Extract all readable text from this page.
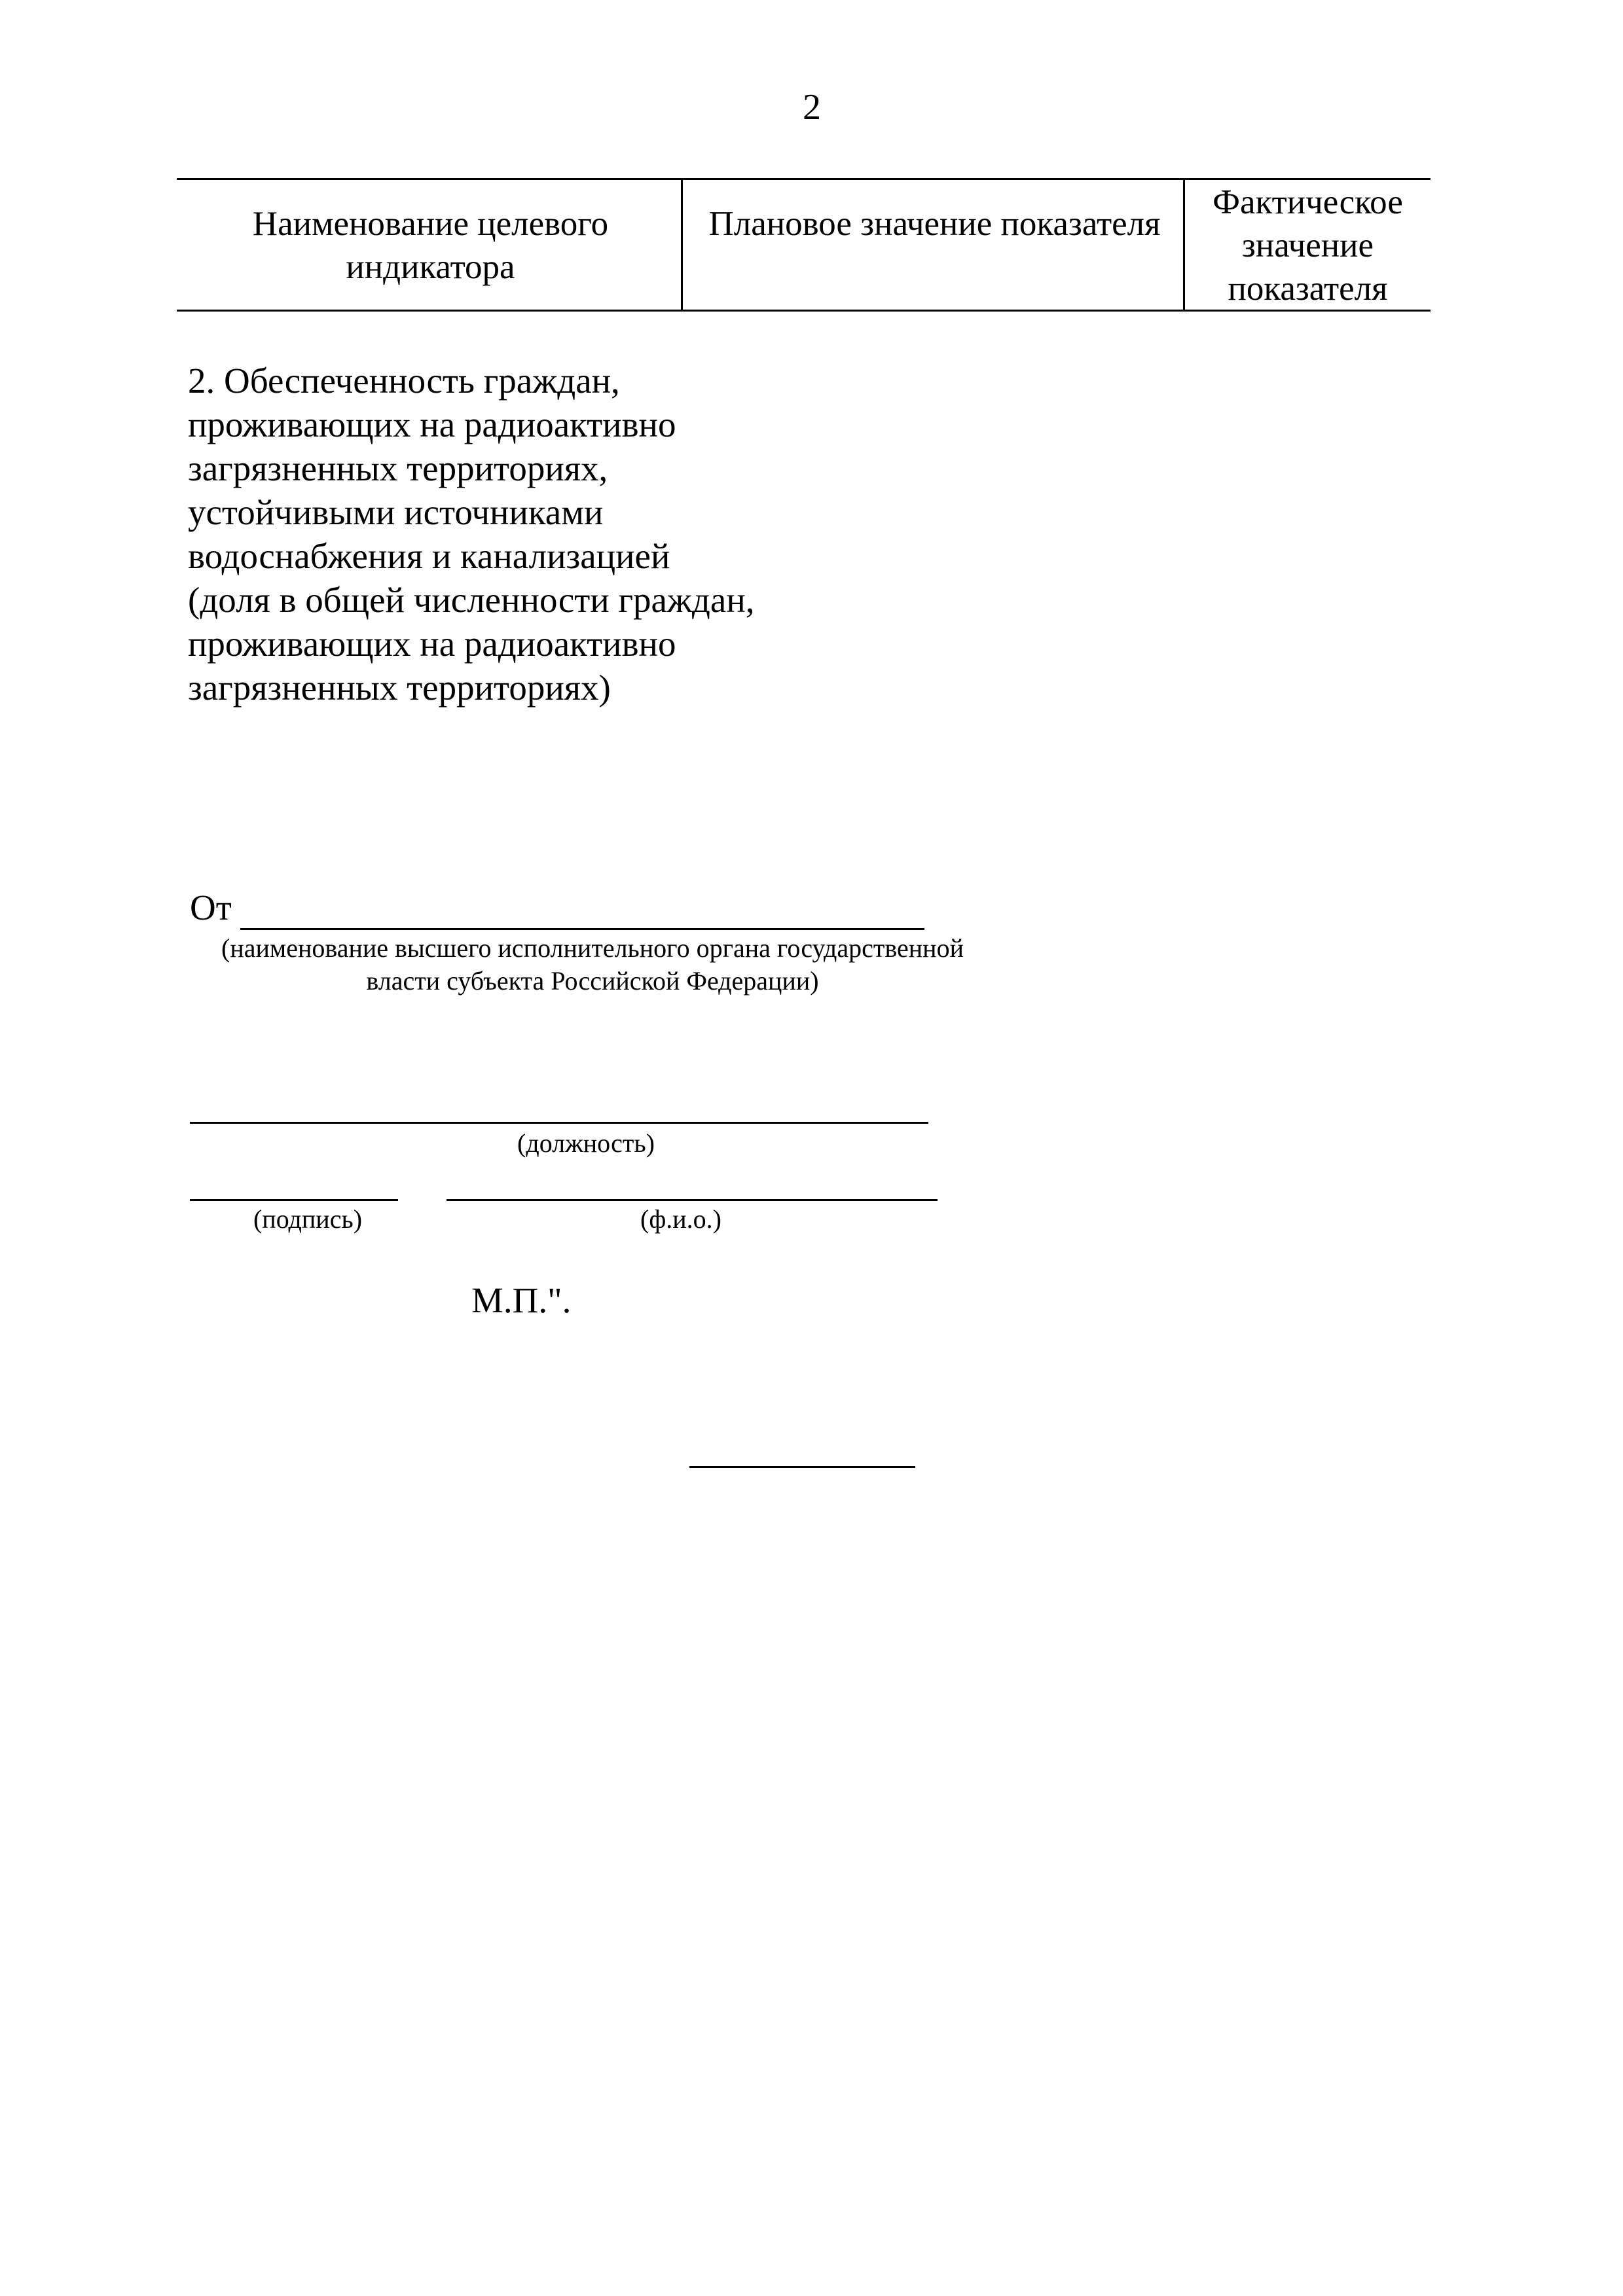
2
Наименование целевого индикатора
Плановое значение показателя
Фактическое значение показателя
2. Обеспеченность граждан, проживающих на радиоактивно загрязненных территориях, устойчивыми источниками водоснабжения и канализацией (доля в общей численности граждан, проживающих на радиоактивно загрязненных территориях)
От
(наименование высшего исполнительного органа государственной власти субъекта Российской Федерации)
(должность)
(подпись)	(ф.и.о.)
М.П.".
